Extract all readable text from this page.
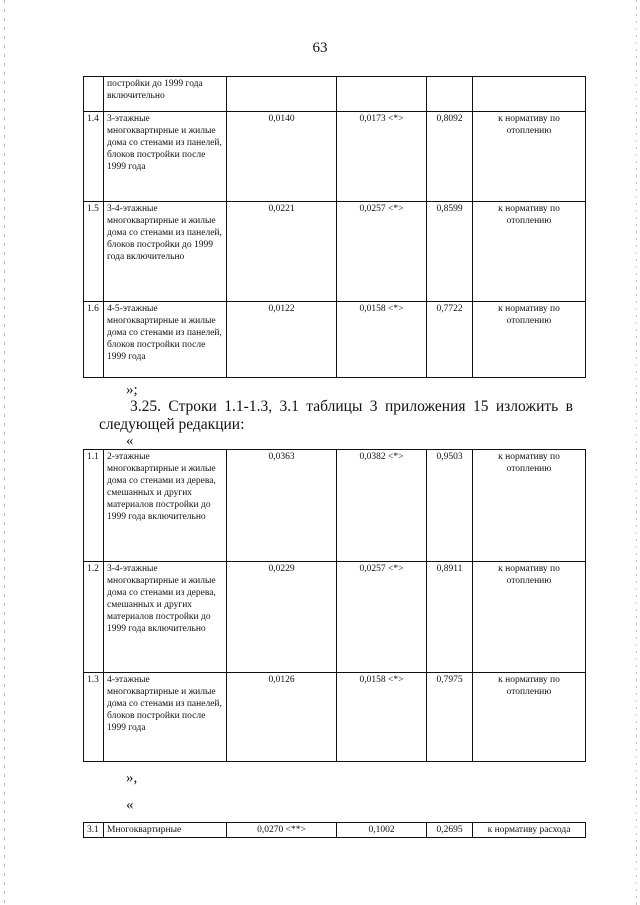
63
	постройки до 1999 года включительно				
1.4	3-этажные многоквартирные и жилые дома со стенами из панелей, блоков постройки после 1999 года	0,0140	0,0173 <*>	0,8092	к нормативу по отоплению
1.5	3-4-этажные многоквартирные и жилые дома со стенами из панелей, блоков постройки до 1999 года включительно	0,0221	0,0257 <*>	0,8599	к нормативу по отоплению
1.6	4-5-этажные многоквартирные и жилые дома со стенами из панелей, блоков постройки после 1999 года	0,0122	0,0158 <*>	0,7722	к нормативу по отоплению
»;
3.25. Строки 1.1-1.3, 3.1 таблицы 3 приложения 15 изложить в следующей редакции:
«
1.1	2-этажные многоквартирные и жилые дома со стенами из дерева, смешанных и других материалов постройки до 1999 года включительно	0,0363	0,0382 <*>	0,9503	к нормативу по отоплению
1.2	3-4-этажные многоквартирные и жилые дома со стенами из дерева, смешанных и других материалов постройки до 1999 года включительно	0,0229	0,0257 <*>	0,8911	к нормативу по отоплению
1.3	4-этажные многоквартирные и жилые дома со стенами из панелей, блоков постройки после 1999 года	0,0126	0,0158 <*>	0,7975	к нормативу по отоплению
»,
«
3.1	Многоквартирные	0,0270 <**>	0,1002	0,2695	к нормативу расхода
